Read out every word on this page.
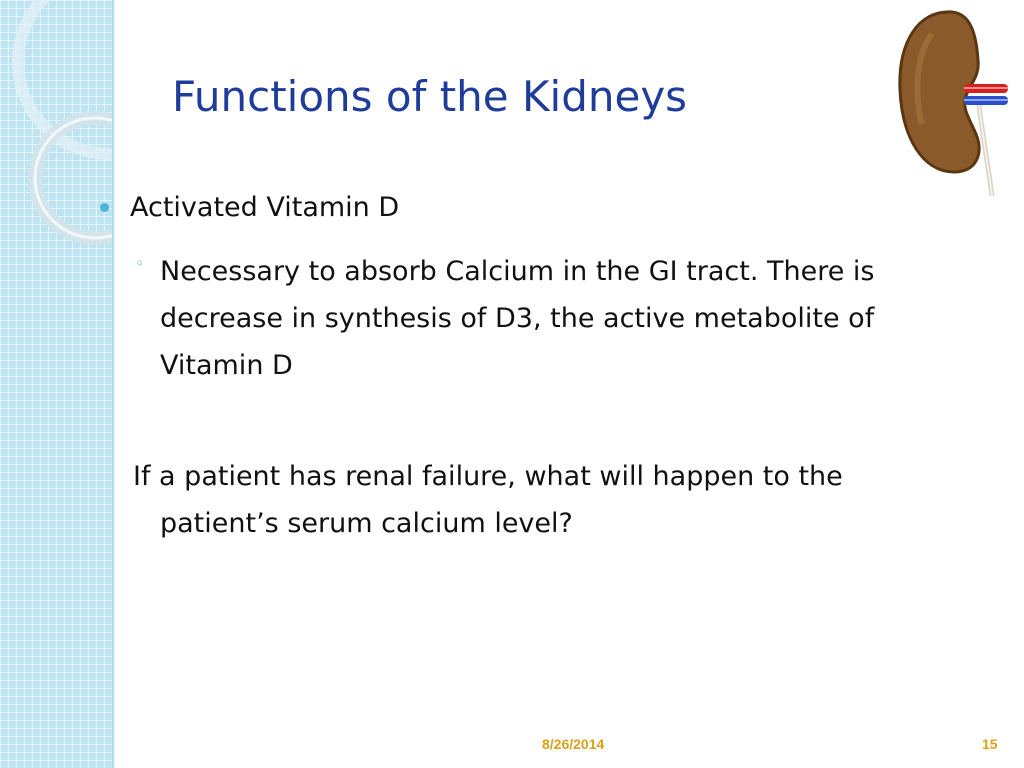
Functions of the Kidneys
Activated Vitamin D
◦ Necessary to absorb Calcium in the GI tract. There is decrease in synthesis of D3, the active metabolite of Vitamin D
If a patient has renal failure, what will happen to the patient’s serum calcium level?
8/26/2014	15
